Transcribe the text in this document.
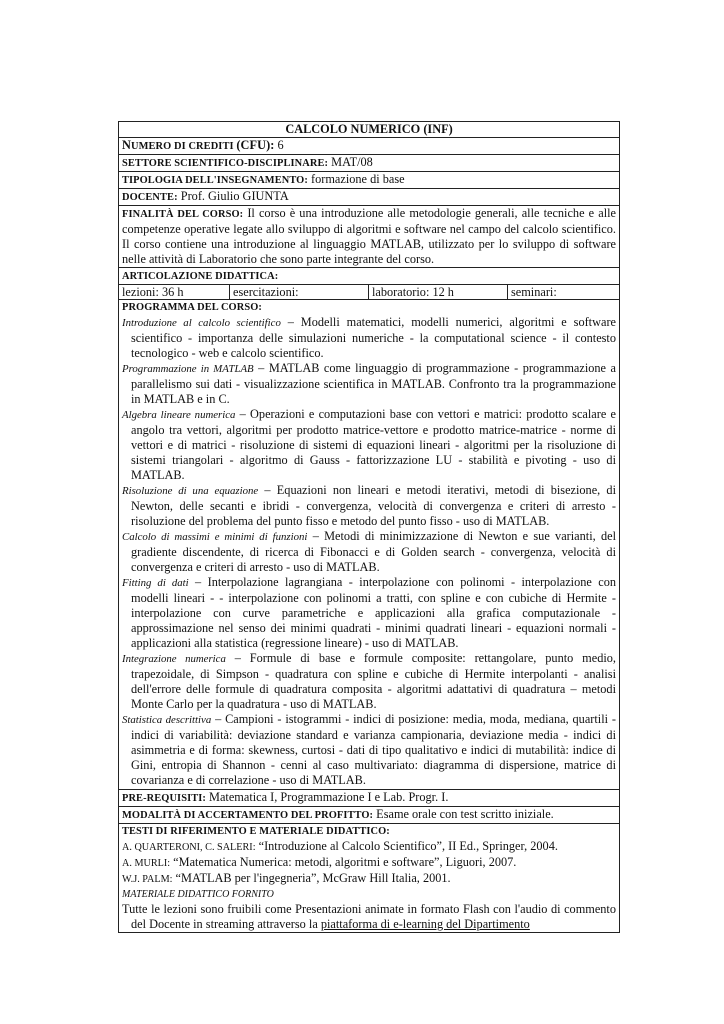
CALCOLO NUMERICO (INF)
NUMERO DI CREDITI (CFU): 6
SETTORE SCIENTIFICO-DISCIPLINARE: MAT/08
TIPOLOGIA DELL'INSEGNAMENTO: formazione di base
DOCENTE: Prof. Giulio GIUNTA
FINALITÀ DEL CORSO: Il corso è una introduzione alle metodologie generali, alle tecniche e alle competenze operative legate allo sviluppo di algoritmi e software nel campo del calcolo scientifico. Il corso contiene una introduzione al linguaggio MATLAB, utilizzato per lo sviluppo di software nelle attività di Laboratorio che sono parte integrante del corso.
ARTICOLAZIONE DIDATTICA:

lezioni: 36 h	esercitazioni:	laboratorio: 12 h	seminari:

PROGRAMMA DEL CORSO:

Introduzione al calcolo scientifico – Modelli matematici, modelli numerici, algoritmi e software scientifico - importanza delle simulazioni numeriche - la computational science - il contesto tecnologico - web e calcolo scientifico.

Programmazione in MATLAB – MATLAB come linguaggio di programmazione - programmazione a parallelismo sui dati - visualizzazione scientifica in MATLAB. Confronto tra la programmazione in MATLAB e in C.

Algebra lineare numerica – Operazioni e computazioni base con vettori e matrici: prodotto scalare e angolo tra vettori, algoritmi per prodotto matrice-vettore e prodotto matrice-matrice - norme di vettori e di matrici - risoluzione di sistemi di equazioni lineari - algoritmi per la risoluzione di sistemi triangolari - algoritmo di Gauss - fattorizzazione LU - stabilità e pivoting - uso di MATLAB.

Risoluzione di una equazione – Equazioni non lineari e metodi iterativi, metodi di bisezione, di Newton, delle secanti e ibridi - convergenza, velocità di convergenza e criteri di arresto - risoluzione del problema del punto fisso e metodo del punto fisso - uso di MATLAB.

Calcolo di massimi e minimi di funzioni – Metodi di minimizzazione di Newton e sue varianti, del gradiente discendente, di ricerca di Fibonacci e di Golden search - convergenza, velocità di convergenza e criteri di arresto - uso di MATLAB.

Fitting di dati – Interpolazione lagrangiana - interpolazione con polinomi - interpolazione con modelli lineari - - interpolazione con polinomi a tratti, con spline e con cubiche di Hermite - interpolazione con curve parametriche e applicazioni alla grafica computazionale - approssimazione nel senso dei minimi quadrati - minimi quadrati lineari - equazioni normali - applicazioni alla statistica (regressione lineare) - uso di MATLAB.

Integrazione numerica – Formule di base e formule composite: rettangolare, punto medio, trapezoidale, di Simpson - quadratura con spline e cubiche di Hermite interpolanti - analisi dell'errore delle formule di quadratura composita - algoritmi adattativi di quadratura – metodi Monte Carlo per la quadratura - uso di MATLAB.

Statistica descrittiva – Campioni - istogrammi - indici di posizione: media, moda, mediana, quartili - indici di variabilità: deviazione standard e varianza campionaria, deviazione media - indici di asimmetria e di forma: skewness, curtosi - dati di tipo qualitativo e indici di mutabilità: indice di Gini, entropia di Shannon - cenni al caso multivariato: diagramma di dispersione, matrice di covarianza e di correlazione - uso di MATLAB.

PRE-REQUISITI: Matematica I, Programmazione I e Lab. Progr. I.
MODALITÀ DI ACCERTAMENTO DEL PROFITTO: Esame orale con test scritto iniziale.

TESTI DI RIFERIMENTO E MATERIALE DIDATTICO:

A. QUARTERONI, C. SALERI: “Introduzione al Calcolo Scientifico”, II Ed., Springer, 2004.

A. MURLI: “Matematica Numerica: metodi, algoritmi e software”, Liguori, 2007.

W.J. PALM: “MATLAB per l'ingegneria”, McGraw Hill Italia, 2001.

MATERIALE DIDATTICO FORNITO

Tutte le lezioni sono fruibili come Presentazioni animate in formato Flash con l'audio di commento del Docente in streaming attraverso la piattaforma di e-learning del Dipartimento
